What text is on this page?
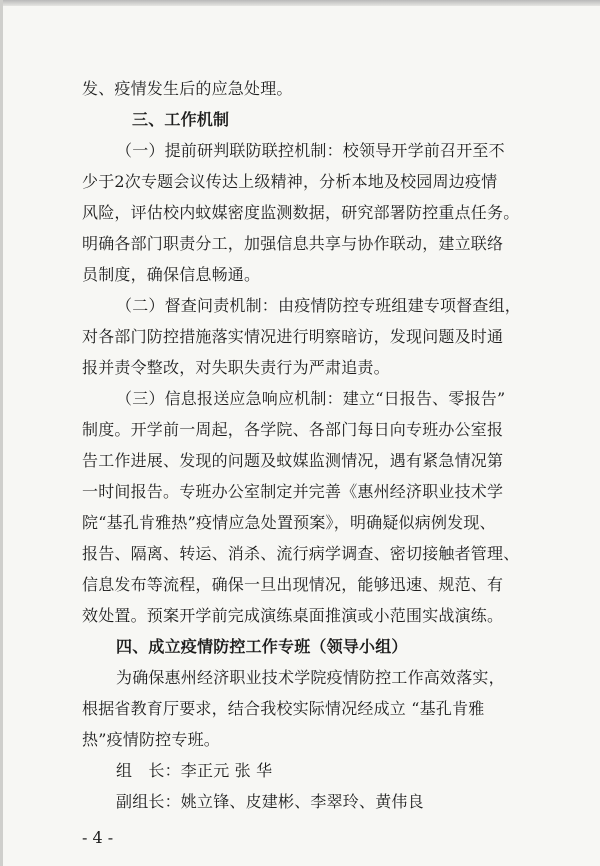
发、疫情发生后的应急处理。
三、工作机制
（一）提前研判联防联控机制：校领导开学前召开至不
少于2次专题会议传达上级精神，分析本地及校园周边疫情
风险，评估校内蚊媒密度监测数据，研究部署防控重点任务。
明确各部门职责分工，加强信息共享与协作联动，建立联络
员制度，确保信息畅通。
（二）督查问责机制：由疫情防控专班组建专项督查组，
对各部门防控措施落实情况进行明察暗访，发现问题及时通
报并责令整改，对失职失责行为严肃追责。
（三）信息报送应急响应机制：建立“日报告、零报告”
制度。开学前一周起，各学院、各部门每日向专班办公室报
告工作进展、发现的问题及蚊媒监测情况，遇有紧急情况第
一时间报告。专班办公室制定并完善《惠州经济职业技术学
院“基孔肯雅热”疫情应急处置预案》，明确疑似病例发现、
报告、隔离、转运、消杀、流行病学调查、密切接触者管理、
信息发布等流程，确保一旦出现情况，能够迅速、规范、有
效处置。预案开学前完成演练桌面推演或小范围实战演练。
四、成立疫情防控工作专班（领导小组）
为确保惠州经济职业技术学院疫情防控工作高效落实，
根据省教育厅要求，结合我校实际情况经成立 “基孔肯雅
热”疫情防控专班。
组　长：李正元 张 华
副组长：姚立锋、皮建彬、李翠玲、黄伟良
- 4 -
